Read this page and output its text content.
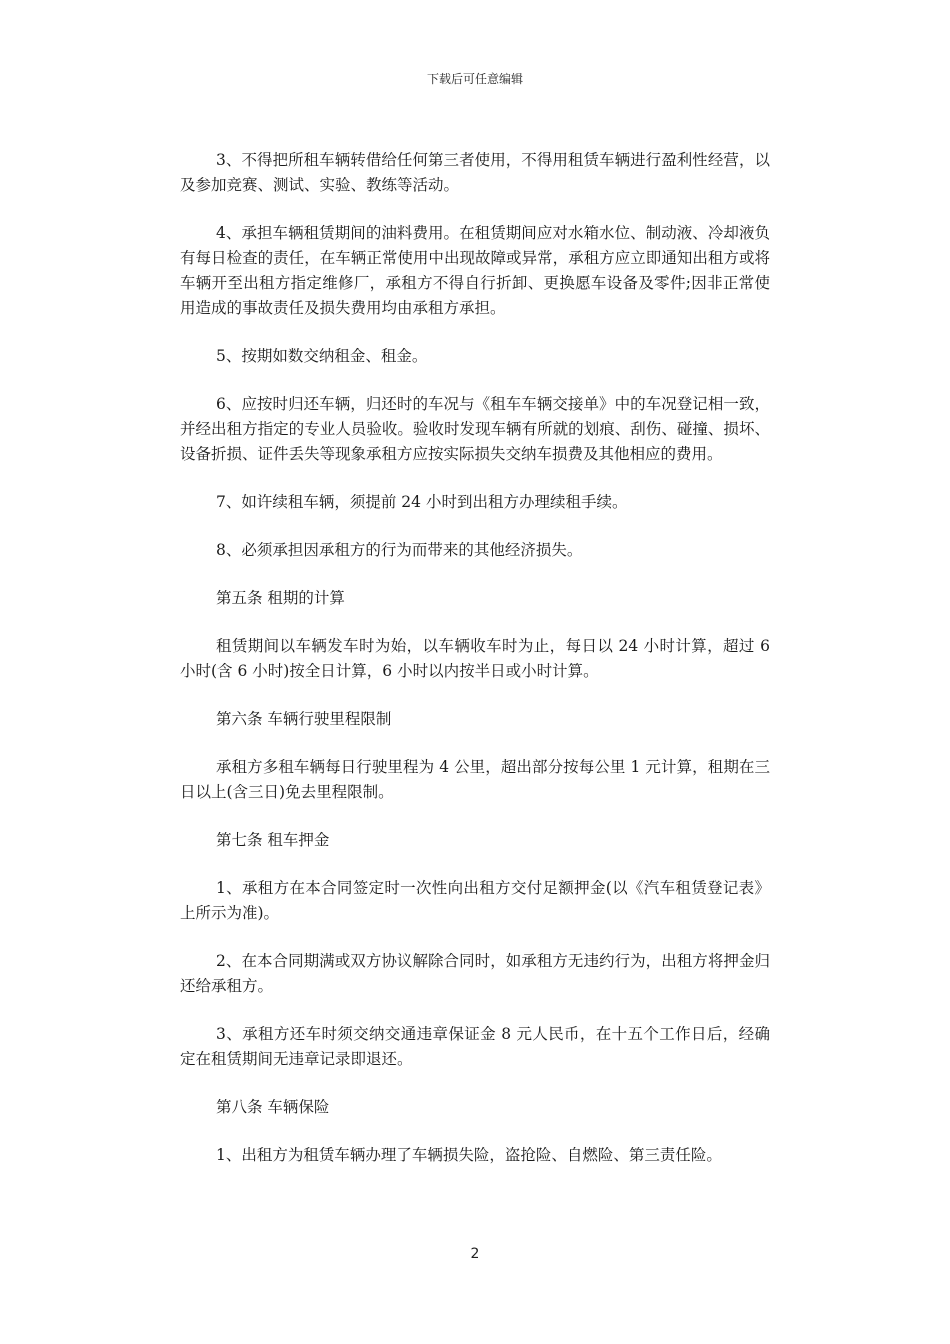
下载后可任意编辑

3、不得把所租车辆转借给任何第三者使用，不得用租赁车辆进行盈利性经营，以及参加竞赛、测试、实验、教练等活动。

4、承担车辆租赁期间的油料费用。在租赁期间应对水箱水位、制动液、冷却液负有每日检查的责任，在车辆正常使用中出现故障或异常，承租方应立即通知出租方或将车辆开至出租方指定维修厂，承租方不得自行折卸、更换愿车设备及零件;因非正常使用造成的事故责任及损失费用均由承租方承担。

5、按期如数交纳租金、租金。

6、应按时归还车辆，归还时的车况与《租车车辆交接单》中的车况登记相一致，并经出租方指定的专业人员验收。验收时发现车辆有所就的划痕、刮伤、碰撞、损坏、设备折损、证件丢失等现象承租方应按实际损失交纳车损费及其他相应的费用。

7、如许续租车辆，须提前 24 小时到出租方办理续租手续。

8、必须承担因承租方的行为而带来的其他经济损失。

第五条 租期的计算

租赁期间以车辆发车时为始，以车辆收车时为止，每日以 24 小时计算，超过 6 小时(含 6 小时)按全日计算，6 小时以内按半日或小时计算。

第六条 车辆行驶里程限制

承租方多租车辆每日行驶里程为 4 公里，超出部分按每公里 1 元计算，租期在三日以上(含三日)免去里程限制。

第七条 租车押金

1、承租方在本合同签定时一次性向出租方交付足额押金(以《汽车租赁登记表》上所示为准)。

2、在本合同期满或双方协议解除合同时，如承租方无违约行为，出租方将押金归还给承租方。

3、承租方还车时须交纳交通违章保证金 8 元人民币，在十五个工作日后，经确定在租赁期间无违章记录即退还。

第八条 车辆保险

1、出租方为租赁车辆办理了车辆损失险，盗抢险、自燃险、第三责任险。

2
